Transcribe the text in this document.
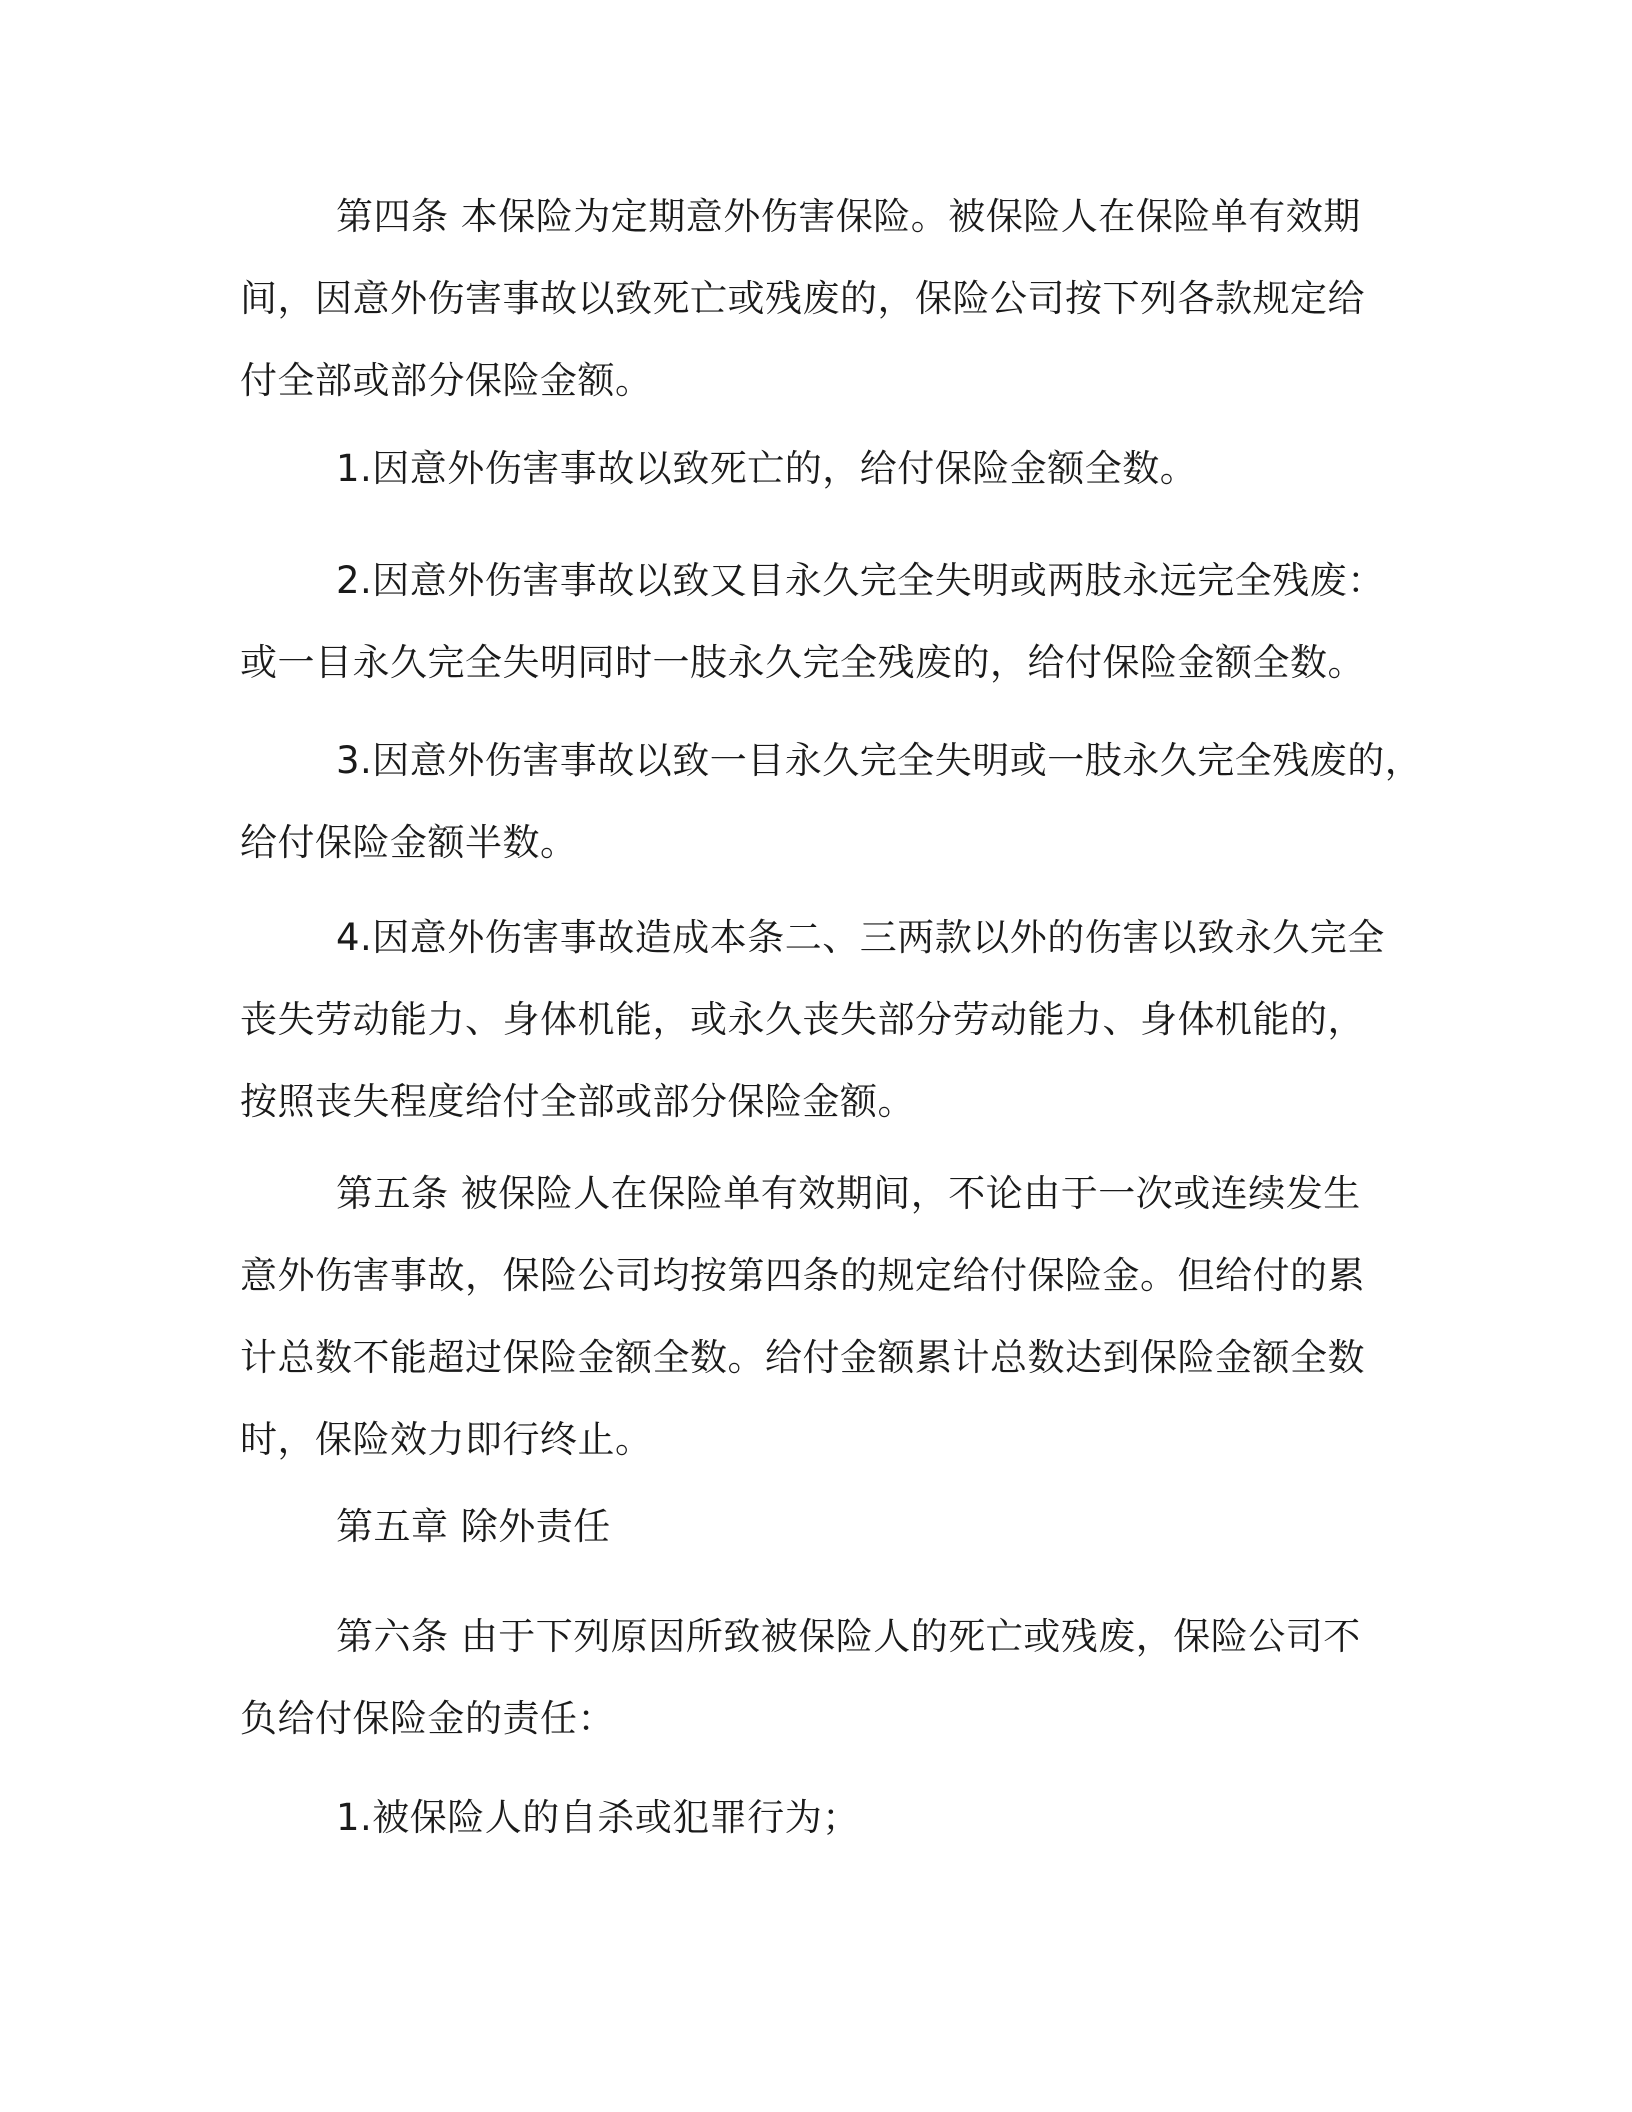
第四条 本保险为定期意外伤害保险。被保险人在保险单有效期
间，因意外伤害事故以致死亡或残废的，保险公司按下列各款规定给
付全部或部分保险金额。
1.因意外伤害事故以致死亡的，给付保险金额全数。
2.因意外伤害事故以致又目永久完全失明或两肢永远完全残废：
或一目永久完全失明同时一肢永久完全残废的，给付保险金额全数。
3.因意外伤害事故以致一目永久完全失明或一肢永久完全残废的，
给付保险金额半数。
4.因意外伤害事故造成本条二、三两款以外的伤害以致永久完全
丧失劳动能力、身体机能，或永久丧失部分劳动能力、身体机能的，
按照丧失程度给付全部或部分保险金额。
第五条 被保险人在保险单有效期间，不论由于一次或连续发生
意外伤害事故，保险公司均按第四条的规定给付保险金。但给付的累
计总数不能超过保险金额全数。给付金额累计总数达到保险金额全数
时，保险效力即行终止。
第五章 除外责任
第六条 由于下列原因所致被保险人的死亡或残废，保险公司不
负给付保险金的责任：
1.被保险人的自杀或犯罪行为；
